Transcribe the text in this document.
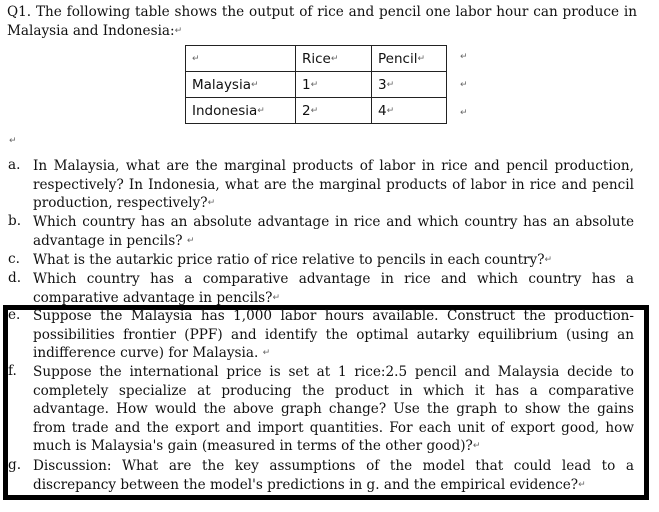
Q1. The following table shows the output of rice and pencil one labor hour can produce in Malaysia and Indonesia:↵
↵	Rice↵	Pencil↵
Malaysia↵	1↵	3↵
Indonesia↵	2↵	4↵
↵
↵
↵
↵
a. In Malaysia, what are the marginal products of labor in rice and pencil production, respectively? In Indonesia, what are the marginal products of labor in rice and pencil production, respectively?↵
b. Which country has an absolute advantage in rice and which country has an absolute advantage in pencils? ↵
c. What is the autarkic price ratio of rice relative to pencils in each country?↵
d. Which country has a comparative advantage in rice and which country has a comparative advantage in pencils?↵
e. Suppose the Malaysia has 1,000 labor hours available. Construct the production-possibilities frontier (PPF) and identify the optimal autarky equilibrium (using an indifference curve) for Malaysia. ↵
f.	Suppose the international price is set at 1 rice:2.5 pencil and Malaysia decide to completely specialize at producing the product in which it has a comparative advantage. How would the above graph change? Use the graph to show the gains from trade and the export and import quantities. For each unit of export good, how much is Malaysia's gain (measured in terms of the other good)?↵
g. Discussion: What are the key assumptions of the model that could lead to a discrepancy between the model's predictions in g. and the empirical evidence?↵
